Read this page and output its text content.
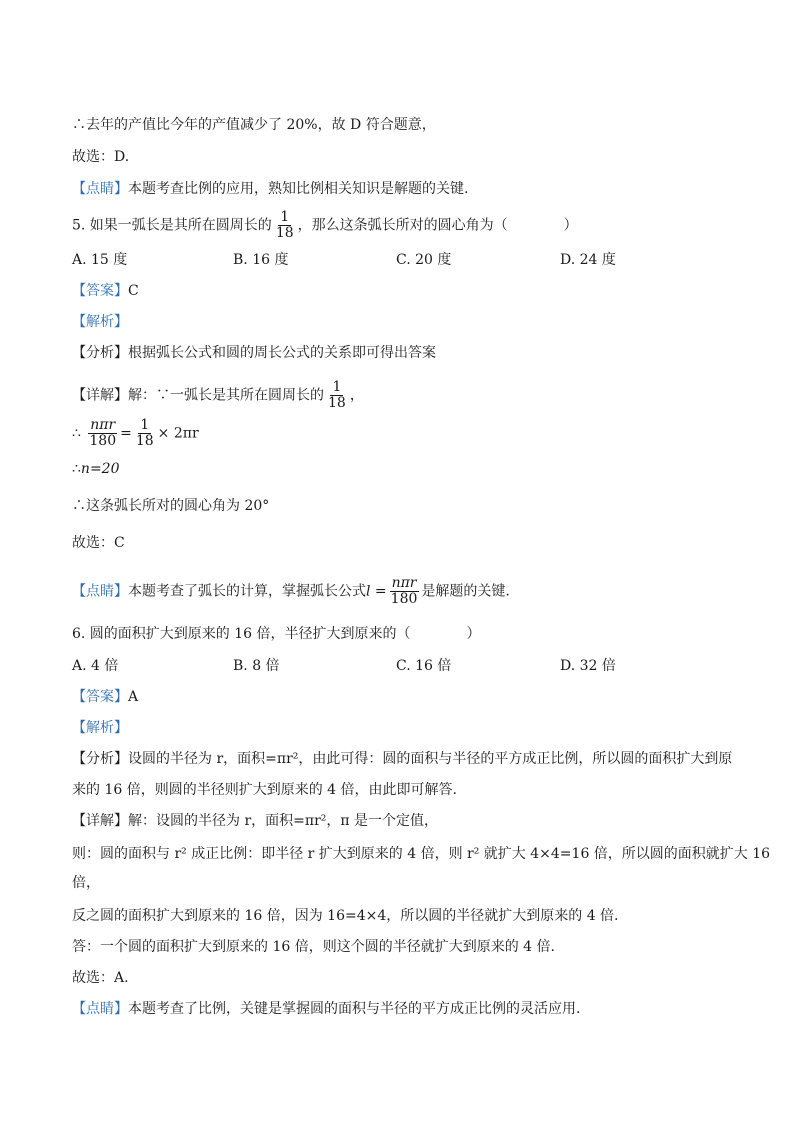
∴去年的产值比今年的产值减少了 20%，故 D 符合题意，
故选：D.
【点睛】本题考查比例的应用，熟知比例相关知识是解题的关键.
5. 如果一弧长是其所在圆周长的 $\frac{1}{18}$ ，那么这条弧长所对的圆心角为（　　　　）
A. 15 度	B. 16 度	C. 20 度	D. 24 度
【答案】C
【解析】
【分析】根据弧长公式和圆的周长公式的关系即可得出答案
【详解】解：∵一弧长是其所在圆周长的 $\frac{1}{18}$ ，
∴ $\frac{\text{nπr}}{180} = \frac{1}{18} \times 2\pi r$
∴n=20
∴这条弧长所对的圆心角为 20°
故选：C
【点睛】本题考查了弧长的计算，掌握弧长公式$l = \frac{\text{nπr}}{180}$ 是解题的关键.
6. 圆的面积扩大到原来的 16 倍，半径扩大到原来的（　　　　）
A. 4 倍	B. 8 倍	C. 16 倍	D. 32 倍
【答案】A
【解析】
【分析】设圆的半径为 r，面积=πr²，由此可得：圆的面积与半径的平方成正比例，所以圆的面积扩大到原
来的 16 倍，则圆的半径则扩大到原来的 4 倍，由此即可解答.
【详解】解：设圆的半径为 r，面积=πr²，π 是一个定值，
则：圆的面积与 r² 成正比例：即半径 r 扩大到原来的 4 倍，则 r² 就扩大 4×4=16 倍，所以圆的面积就扩大 16
倍，
反之圆的面积扩大到原来的 16 倍，因为 16=4×4，所以圆的半径就扩大到原来的 4 倍.
答：一个圆的面积扩大到原来的 16 倍，则这个圆的半径就扩大到原来的 4 倍.
故选：A.
【点睛】本题考查了比例，关键是掌握圆的面积与半径的平方成正比例的灵活应用.
